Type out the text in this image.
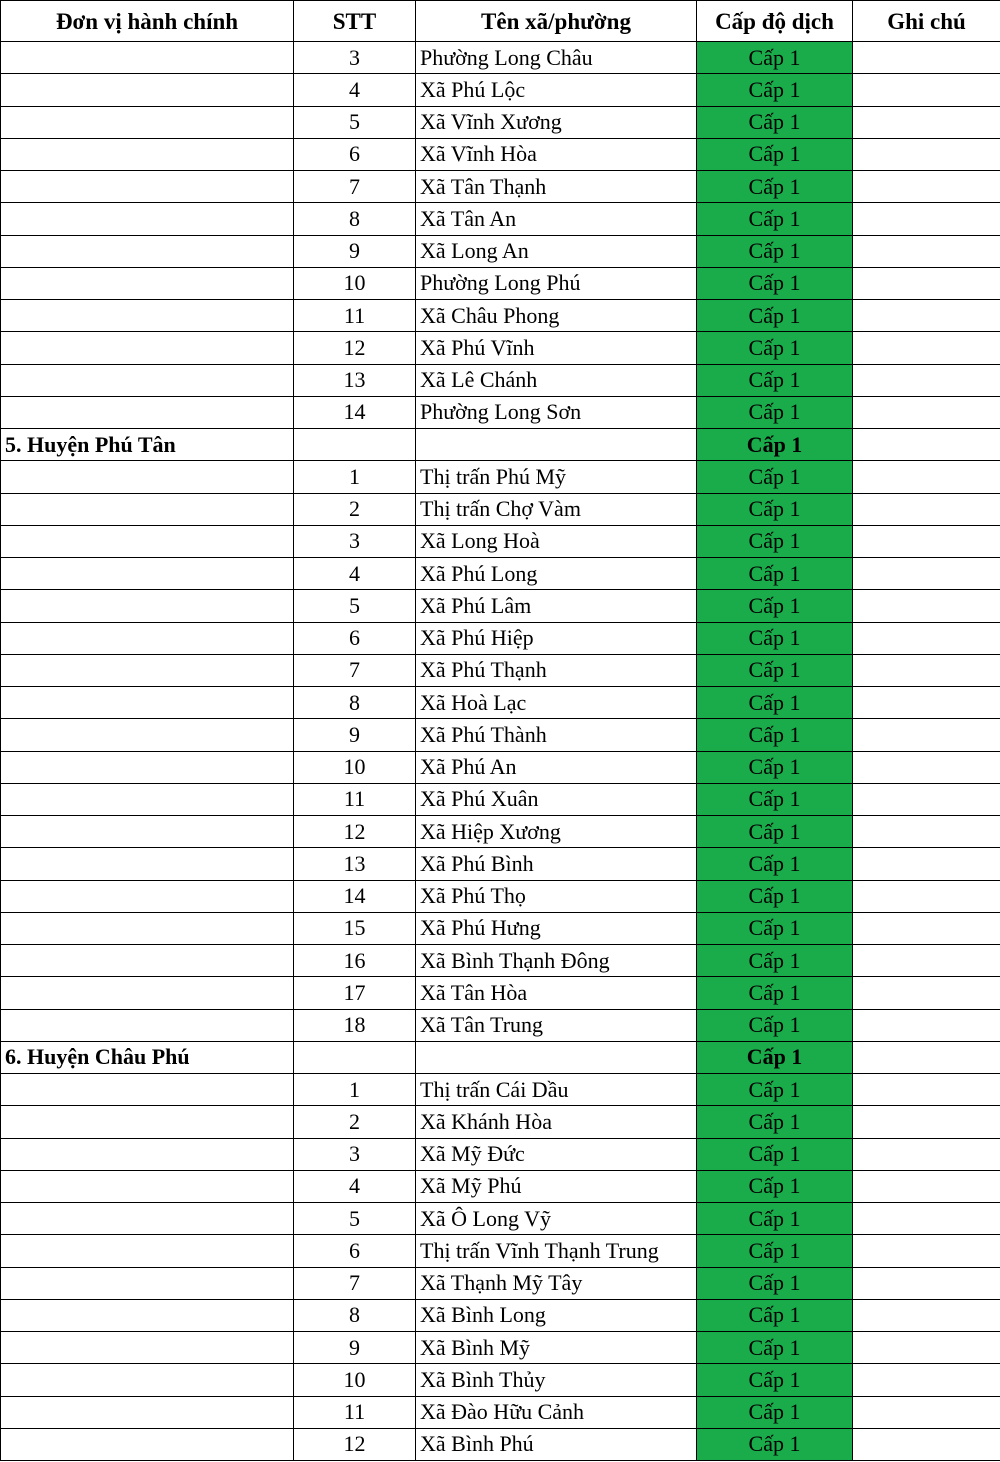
Đơn vị hành chính	STT	Tên xã/phường	Cấp độ dịch	Ghi chú
	3	Phường Long Châu	Cấp 1	
	4	Xã Phú Lộc	Cấp 1	
	5	Xã Vĩnh Xương	Cấp 1	
	6	Xã Vĩnh Hòa	Cấp 1	
	7	Xã Tân Thạnh	Cấp 1	
	8	Xã Tân An	Cấp 1	
	9	Xã Long An	Cấp 1	
	10	Phường Long Phú	Cấp 1	
	11	Xã Châu Phong	Cấp 1	
	12	Xã Phú Vĩnh	Cấp 1	
	13	Xã Lê Chánh	Cấp 1	
	14	Phường Long Sơn	Cấp 1	
5. Huyện Phú Tân			Cấp 1	
	1	Thị trấn Phú Mỹ	Cấp 1	
	2	Thị trấn Chợ Vàm	Cấp 1	
	3	Xã Long Hoà	Cấp 1	
	4	Xã Phú Long	Cấp 1	
	5	Xã Phú Lâm	Cấp 1	
	6	Xã Phú Hiệp	Cấp 1	
	7	Xã Phú Thạnh	Cấp 1	
	8	Xã Hoà Lạc	Cấp 1	
	9	Xã Phú Thành	Cấp 1	
	10	Xã Phú An	Cấp 1	
	11	Xã Phú Xuân	Cấp 1	
	12	Xã Hiệp Xương	Cấp 1	
	13	Xã Phú Bình	Cấp 1	
	14	Xã Phú Thọ	Cấp 1	
	15	Xã Phú Hưng	Cấp 1	
	16	Xã Bình Thạnh Đông	Cấp 1	
	17	Xã Tân Hòa	Cấp 1	
	18	Xã Tân Trung	Cấp 1	
6. Huyện Châu Phú			Cấp 1	
	1	Thị trấn Cái Dầu	Cấp 1	
	2	Xã Khánh Hòa	Cấp 1	
	3	Xã Mỹ Đức	Cấp 1	
	4	Xã Mỹ Phú	Cấp 1	
	5	Xã Ô Long Vỹ	Cấp 1	
	6	Thị trấn Vĩnh Thạnh Trung	Cấp 1	
	7	Xã Thạnh Mỹ Tây	Cấp 1	
	8	Xã Bình Long	Cấp 1	
	9	Xã Bình Mỹ	Cấp 1	
	10	Xã Bình Thủy	Cấp 1	
	11	Xã Đào Hữu Cảnh	Cấp 1	
	12	Xã Bình Phú	Cấp 1	
